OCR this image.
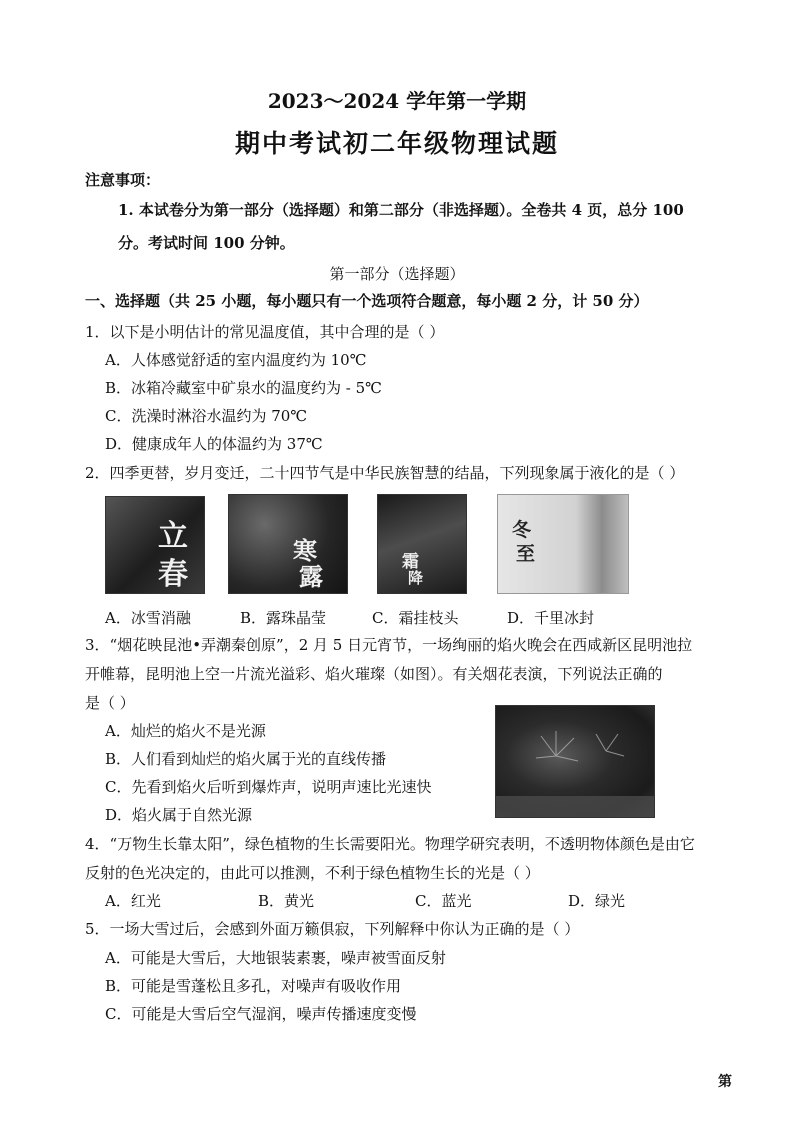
2023～2024 学年第一学期
期中考试初二年级物理试题
注意事项：
1. 本试卷分为第一部分（选择题）和第二部分（非选择题）。全卷共 4 页，总分 100
分。考试时间 100 分钟。
第一部分（选择题）
一、选择题（共 25 小题，每小题只有一个选项符合题意，每小题 2 分，计 50 分）
1．以下是小明估计的常见温度值，其中合理的是（ ）
A．人体感觉舒适的室内温度约为 10℃
B．冰箱冷藏室中矿泉水的温度约为 - 5℃
C．洗澡时淋浴水温约为 70℃
D．健康成年人的体温约为 37℃
2．四季更替，岁月变迁，二十四节气是中华民族智慧的结晶，下列现象属于液化的是（ ）
立
春
寒
露	霜
降
冬
至
A．冰雪消融	B．露珠晶莹	C．霜挂枝头	D．千里冰封
3．“烟花映昆池•弄潮秦创原”，2 月 5 日元宵节，一场绚丽的焰火晚会在西咸新区昆明池拉
开帷幕，昆明池上空一片流光溢彩、焰火璀璨（如图）。有关烟花表演，下列说法正确的
是（ ）
A．灿烂的焰火不是光源
B．人们看到灿烂的焰火属于光的直线传播
C．先看到焰火后听到爆炸声，说明声速比光速快
D．焰火属于自然光源
4．“万物生长靠太阳”，绿色植物的生长需要阳光。物理学研究表明，不透明物体颜色是由它
反射的色光决定的，由此可以推测，不利于绿色植物生长的光是（ ）
A．红光	B．黄光	C．蓝光	D．绿光
5．一场大雪过后，会感到外面万籁俱寂，下列解释中你认为正确的是（ ）
A．可能是大雪后，大地银装素裹，噪声被雪面反射
B．可能是雪蓬松且多孔，对噪声有吸收作用
C．可能是大雪后空气湿润，噪声传播速度变慢
第
